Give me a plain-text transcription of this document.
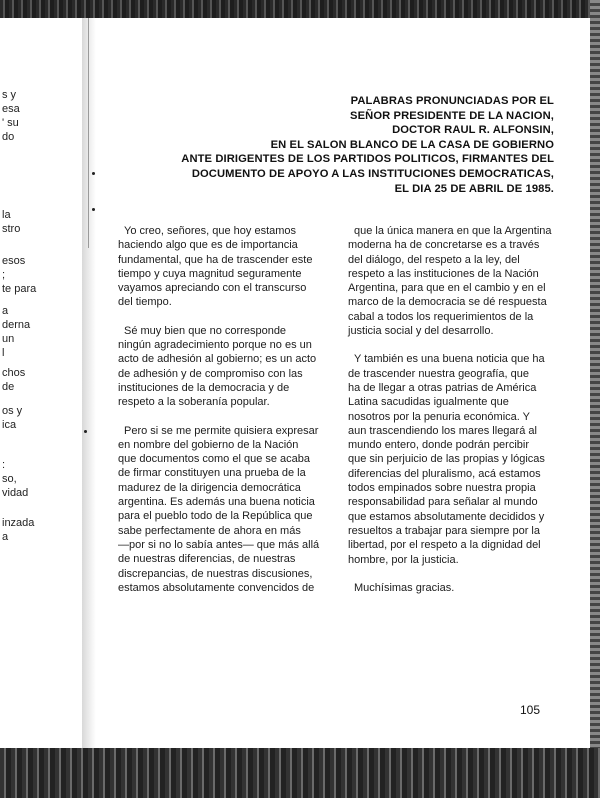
s y
esa
' su
do
la
stro
esos
;
te para
a
derna
un
l
chos
de
os y
ica
:
so,
vidad
inzada
a
PALABRAS PRONUNCIADAS POR EL
SEÑOR PRESIDENTE DE LA NACION,
DOCTOR RAUL R. ALFONSIN,
EN EL SALON BLANCO DE LA CASA DE GOBIERNO
ANTE DIRIGENTES DE LOS PARTIDOS POLITICOS, FIRMANTES DEL
DOCUMENTO DE APOYO A LAS INSTITUCIONES DEMOCRATICAS,
EL DIA 25 DE ABRIL DE 1985.
Yo creo, señores, que hoy estamos
haciendo algo que es de importancia
fundamental, que ha de trascender este
tiempo y cuya magnitud seguramente
vayamos apreciando con el transcurso
del tiempo.
Sé muy bien que no corresponde
ningún agradecimiento porque no es un
acto de adhesión al gobierno; es un acto
de adhesión y de compromiso con las
instituciones de la democracia y de
respeto a la soberanía popular.
Pero si se me permite quisiera expresar
en nombre del gobierno de la Nación
que documentos como el que se acaba
de firmar constituyen una prueba de la
madurez de la dirigencia democrática
argentina. Es además una buena noticia
para el pueblo todo de la República que
sabe perfectamente de ahora en más
—por si no lo sabía antes— que más allá
de nuestras diferencias, de nuestras
discrepancias, de nuestras discusiones,
estamos absolutamente convencidos de
que la única manera en que la Argentina
moderna ha de concretarse es a través
del diálogo, del respeto a la ley, del
respeto a las instituciones de la Nación
Argentina, para que en el cambio y en el
marco de la democracia se dé respuesta
cabal a todos los requerimientos de la
justicia social y del desarrollo.
Y también es una buena noticia que ha
de trascender nuestra geografía, que
ha de llegar a otras patrias de América
Latina sacudidas igualmente que
nosotros por la penuria económica. Y
aun trascendiendo los mares llegará al
mundo entero, donde podrán percibir
que sin perjuicio de las propias y lógicas
diferencias del pluralismo, acá estamos
todos empinados sobre nuestra propia
responsabilidad para señalar al mundo
que estamos absolutamente decididos y
resueltos a trabajar para siempre por la
libertad, por el respeto a la dignidad del
hombre, por la justicia.
Muchísimas gracias.
105
